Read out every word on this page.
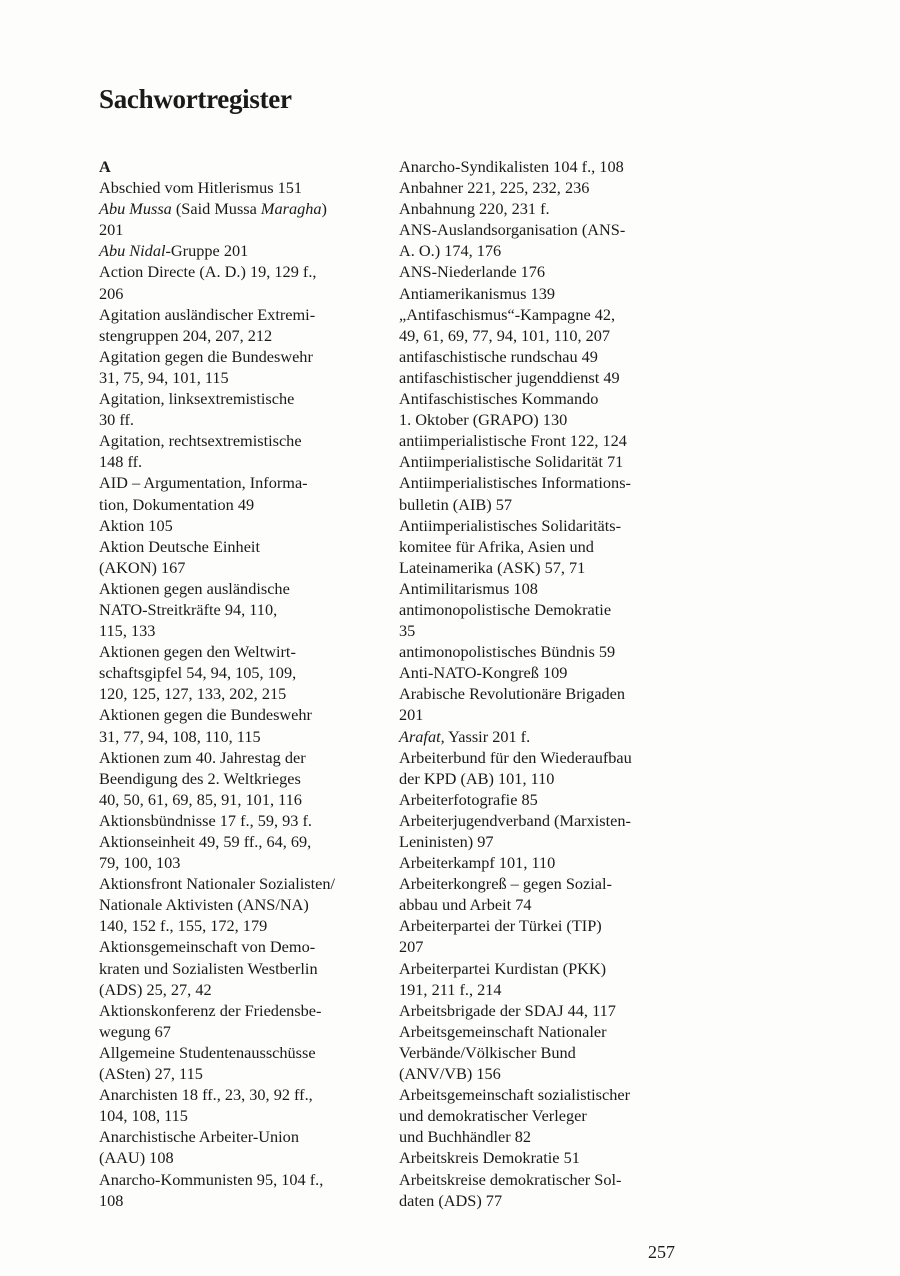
Sachwortregister
A
Abschied vom Hitlerismus 151
Abu Mussa (Said Mussa Maragha)
201
Abu Nidal-Gruppe 201
Action Directe (A. D.) 19, 129 f.,
206
Agitation ausländischer Extremi-
stengruppen 204, 207, 212
Agitation gegen die Bundeswehr
31, 75, 94, 101, 115
Agitation, linksextremistische
30 ff.
Agitation, rechtsextremistische
148 ff.
AID – Argumentation, Informa-
tion, Dokumentation 49
Aktion 105
Aktion Deutsche Einheit
(AKON) 167
Aktionen gegen ausländische
NATO-Streitkräfte 94, 110,
115, 133
Aktionen gegen den Weltwirt-
schaftsgipfel 54, 94, 105, 109,
120, 125, 127, 133, 202, 215
Aktionen gegen die Bundeswehr
31, 77, 94, 108, 110, 115
Aktionen zum 40. Jahrestag der
Beendigung des 2. Weltkrieges
40, 50, 61, 69, 85, 91, 101, 116
Aktionsbündnisse 17 f., 59, 93 f.
Aktionseinheit 49, 59 ff., 64, 69,
79, 100, 103
Aktionsfront Nationaler Sozialisten/
Nationale Aktivisten (ANS/NA)
140, 152 f., 155, 172, 179
Aktionsgemeinschaft von Demo-
kraten und Sozialisten Westberlin
(ADS) 25, 27, 42
Aktionskonferenz der Friedensbe-
wegung 67
Allgemeine Studentenausschüsse
(ASten) 27, 115
Anarchisten 18 ff., 23, 30, 92 ff.,
104, 108, 115
Anarchistische Arbeiter-Union
(AAU) 108
Anarcho-Kommunisten 95, 104 f.,
108
Anarcho-Syndikalisten 104 f., 108
Anbahner 221, 225, 232, 236
Anbahnung 220, 231 f.
ANS-Auslandsorganisation (ANS-
A. O.) 174, 176
ANS-Niederlande 176
Antiamerikanismus 139
„Antifaschismus“-Kampagne 42,
49, 61, 69, 77, 94, 101, 110, 207
antifaschistische rundschau 49
antifaschistischer jugenddienst 49
Antifaschistisches Kommando
1. Oktober (GRAPO) 130
antiimperialistische Front 122, 124
Antiimperialistische Solidarität 71
Antiimperialistisches Informations-
bulletin (AIB) 57
Antiimperialistisches Solidaritäts-
komitee für Afrika, Asien und
Lateinamerika (ASK) 57, 71
Antimilitarismus 108
antimonopolistische Demokratie
35
antimonopolistisches Bündnis 59
Anti-NATO-Kongreß 109
Arabische Revolutionäre Brigaden
201
Arafat, Yassir 201 f.
Arbeiterbund für den Wiederaufbau
der KPD (AB) 101, 110
Arbeiterfotografie 85
Arbeiterjugendverband (Marxisten-
Leninisten) 97
Arbeiterkampf 101, 110
Arbeiterkongreß – gegen Sozial-
abbau und Arbeit 74
Arbeiterpartei der Türkei (TIP)
207
Arbeiterpartei Kurdistan (PKK)
191, 211 f., 214
Arbeitsbrigade der SDAJ 44, 117
Arbeitsgemeinschaft Nationaler
Verbände/Völkischer Bund
(ANV/VB) 156
Arbeitsgemeinschaft sozialistischer
und demokratischer Verleger
und Buchhändler 82
Arbeitskreis Demokratie 51
Arbeitskreise demokratischer Sol-
daten (ADS) 77
257
